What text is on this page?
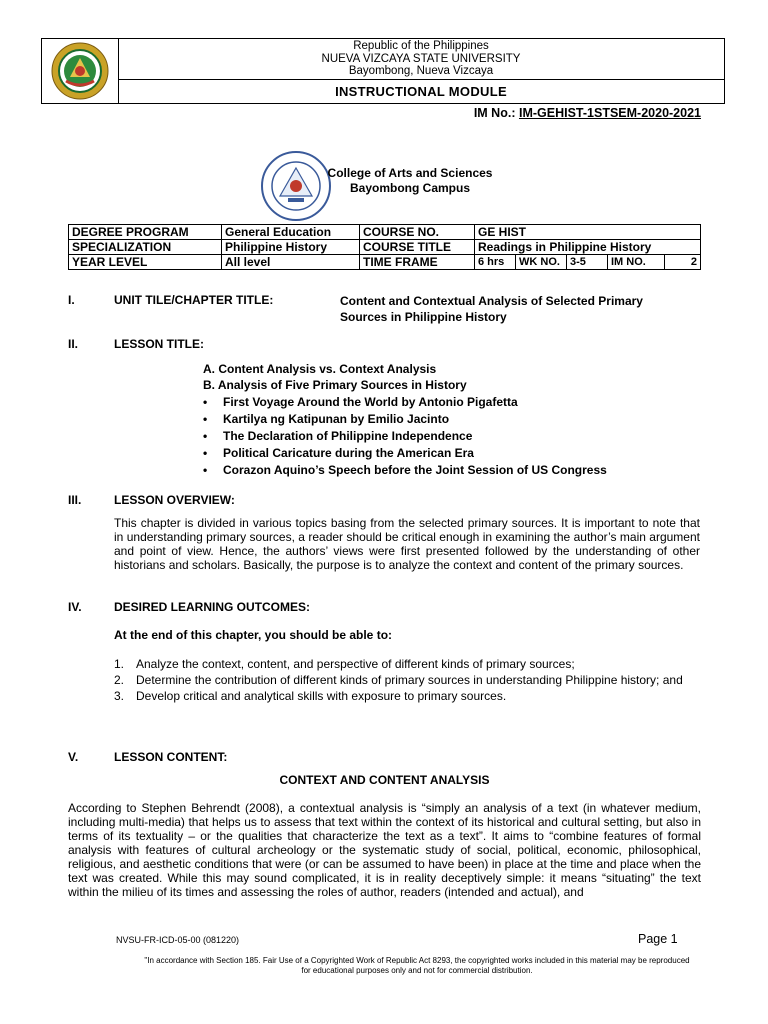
Republic of the Philippines
NUEVA VIZCAYA STATE UNIVERSITY
Bayombong, Nueva Vizcaya
INSTRUCTIONAL MODULE
IM No.: IM-GEHIST-1STSEM-2020-2021
College of Arts and Sciences
Bayombong Campus
DEGREE PROGRAM	General Education	COURSE NO.	GE HIST				
SPECIALIZATION	Philippine History	COURSE TITLE	Readings in Philippine History				
YEAR LEVEL	All level	TIME FRAME	6 hrs	WK NO.	3-5	IM NO.	2
I.	UNIT TILE/CHAPTER TITLE:	Content and Contextual Analysis of Selected Primary
Sources in Philippine History
II.	LESSON TITLE:
A. Content Analysis vs. Context Analysis
B. Analysis of Five Primary Sources in History
• First Voyage Around the World by Antonio Pigafetta
• Kartilya ng Katipunan by Emilio Jacinto
• The Declaration of Philippine Independence
• Political Caricature during the American Era
• Corazon Aquino’s Speech before the Joint Session of US Congress
III.	LESSON OVERVIEW:
This chapter is divided in various topics basing from the selected primary sources. It is important to note that in understanding primary sources, a reader should be critical enough in examining the author’s main argument and point of view. Hence, the authors’ views were first presented followed by the understanding of other historians and scholars. Basically, the purpose is to analyze the context and content of the primary sources.
IV.	DESIRED LEARNING OUTCOMES:
At the end of this chapter, you should be able to:
1. Analyze the context, content, and perspective of different kinds of primary sources;
2. Determine the contribution of different kinds of primary sources in understanding Philippine history; and
3. Develop critical and analytical skills with exposure to primary sources.
V.	LESSON CONTENT:
CONTEXT AND CONTENT ANALYSIS
According to Stephen Behrendt (2008), a contextual analysis is “simply an analysis of a text (in whatever medium, including multi-media) that helps us to assess that text within the context of its historical and cultural setting, but also in terms of its textuality – or the qualities that characterize the text as a text”. It aims to “combine features of formal analysis with features of cultural archeology or the systematic study of social, political, economic, philosophical, religious, and aesthetic conditions that were (or can be assumed to have been) in place at the time and place when the text was created. While this may sound complicated, it is in reality deceptively simple: it means “situating” the text within the milieu of its times and assessing the roles of author, readers (intended and actual), and
NVSU-FR-ICD-05-00 (081220)	Page 1
"In accordance with Section 185. Fair Use of a Copyrighted Work of Republic Act 8293, the copyrighted works included in this material may be reproduced for educational purposes only and not for commercial distribution.
